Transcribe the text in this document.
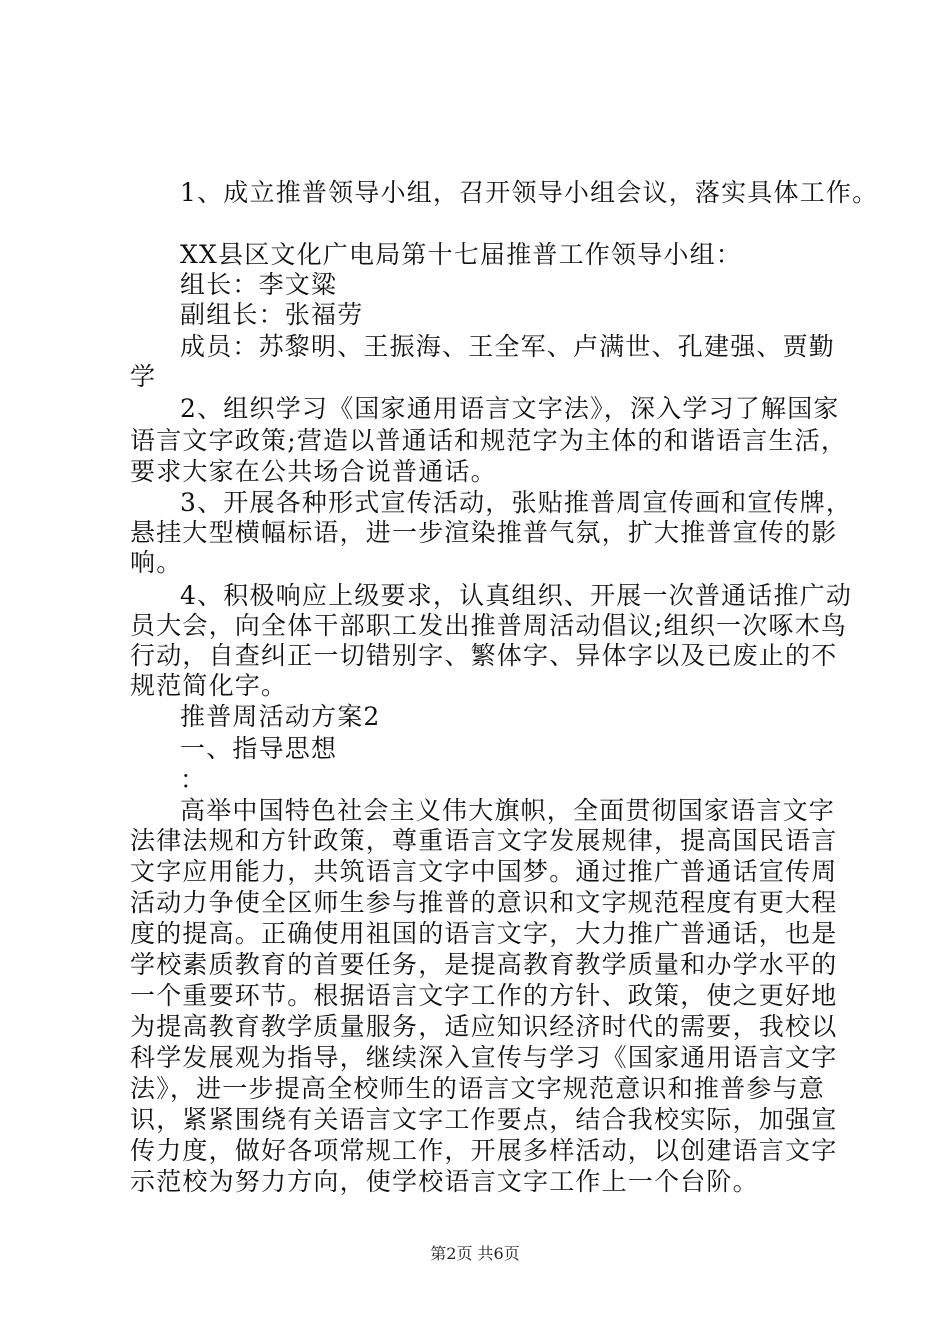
1、成立推普领导小组，召开领导小组会议，落实具体工作。
XX县区文化广电局第十七届推普工作领导小组：
组长：李文粱
副组长：张福劳
成员：苏黎明、王振海、王全军、卢满世、孔建强、贾勤
学
2、组织学习《国家通用语言文字法》，深入学习了解国家
语言文字政策;营造以普通话和规范字为主体的和谐语言生活，
要求大家在公共场合说普通话。
3、开展各种形式宣传活动，张贴推普周宣传画和宣传牌，
悬挂大型横幅标语，进一步渲染推普气氛，扩大推普宣传的影
响。
4、积极响应上级要求，认真组织、开展一次普通话推广动
员大会，向全体干部职工发出推普周活动倡议;组织一次啄木鸟
行动，自查纠正一切错别字、繁体字、异体字以及已废止的不
规范简化字。
推普周活动方案2
一、指导思想
：
高举中国特色社会主义伟大旗帜，全面贯彻国家语言文字
法律法规和方针政策，尊重语言文字发展规律，提高国民语言
文字应用能力，共筑语言文字中国梦。通过推广普通话宣传周
活动力争使全区师生参与推普的意识和文字规范程度有更大程
度的提高。正确使用祖国的语言文字，大力推广普通话，也是
学校素质教育的首要任务，是提高教育教学质量和办学水平的
一个重要环节。根据语言文字工作的方针、政策，使之更好地
为提高教育教学质量服务，适应知识经济时代的需要，我校以
科学发展观为指导，继续深入宣传与学习《国家通用语言文字
法》，进一步提高全校师生的语言文字规范意识和推普参与意
识，紧紧围绕有关语言文字工作要点，结合我校实际，加强宣
传力度，做好各项常规工作，开展多样活动，以创建语言文字
示范校为努力方向，使学校语言文字工作上一个台阶。
第2页 共6页
